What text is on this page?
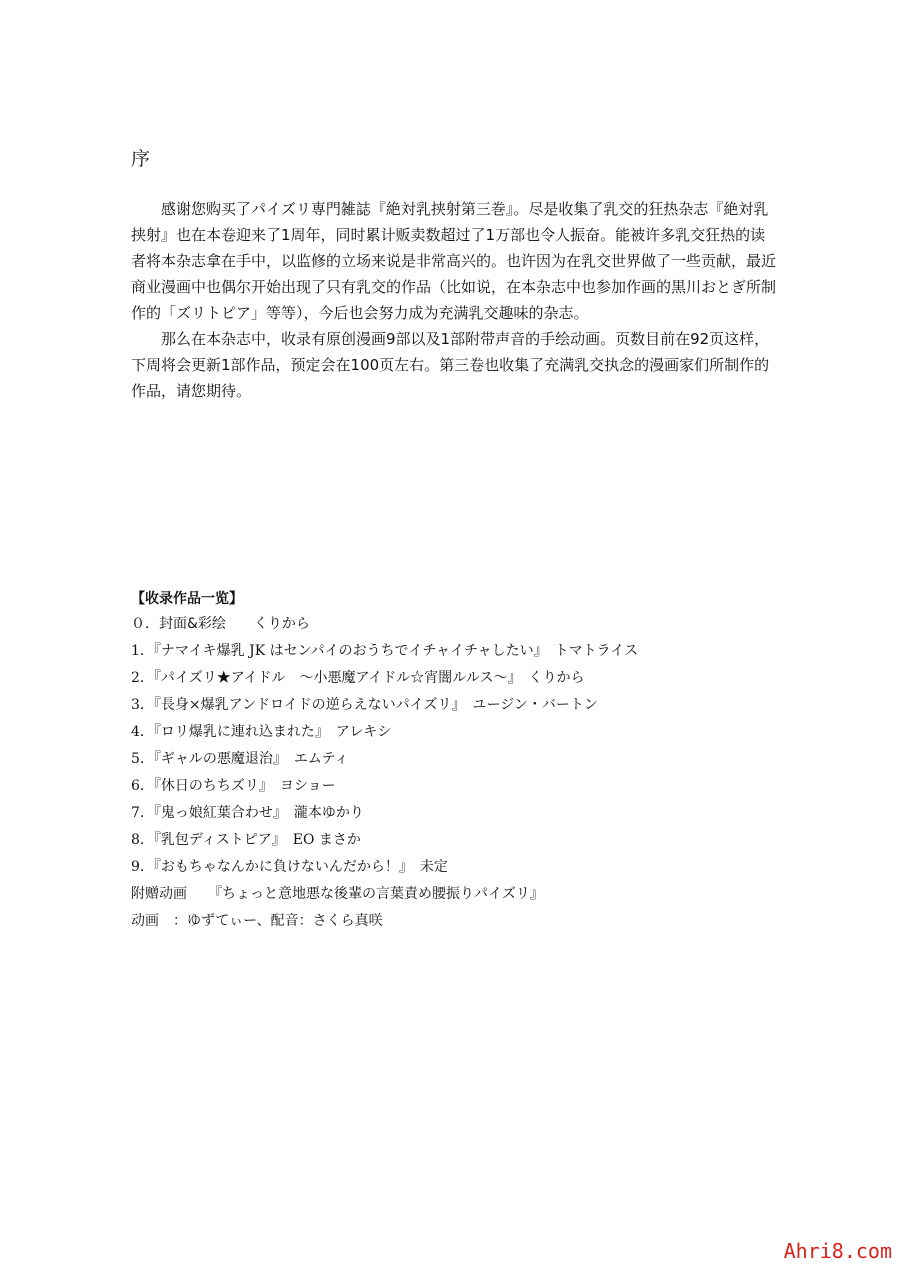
序

感谢您购买了パイズリ専門雑誌『絶対乳挟射第三巻』。尽是收集了乳交的狂热杂志『絶対乳挟射』也在本卷迎来了1周年，同时累计贩卖数超过了1万部也令人振奋。能被许多乳交狂热的读者将本杂志拿在手中，以监修的立场来说是非常高兴的。也许因为在乳交世界做了一些贡献，最近商业漫画中也偶尔开始出现了只有乳交的作品（比如说，在本杂志中也参加作画的黒川おとぎ所制作的「ズリトピア」等等），今后也会努力成为充满乳交趣味的杂志。

那么在本杂志中，收录有原创漫画9部以及1部附带声音的手绘动画。页数目前在92页这样，下周将会更新1部作品，预定会在100页左右。第三卷也收集了充满乳交执念的漫画家们所制作的作品，请您期待。

【收录作品一览】
０．封面&彩绘　　くりから
1．『ナマイキ爆乳 JK はセンパイのおうちでイチャイチャしたい』　トマトライス
2．『パイズリ★アイドル　～小悪魔アイドル☆宵闇ルルス～』　くりから
3．『長身×爆乳アンドロイドの逆らえないパイズリ』　ユージン・バートン
4．『ロリ爆乳に連れ込まれた』　アレキシ
5．『ギャルの悪魔退治』　エムティ
6．『休日のちちズリ』　ヨショー
7．『鬼っ娘紅葉合わせ』　瀧本ゆかり
8．『乳包ディストピア』　EO まさか
9．『おもちゃなんかに負けないんだから！』　未定
附赠动画　　『ちょっと意地悪な後輩の言葉責め腰振りパイズリ』
动画　：ゆずてぃー、配音：さくら真咲
Ahri8.com
